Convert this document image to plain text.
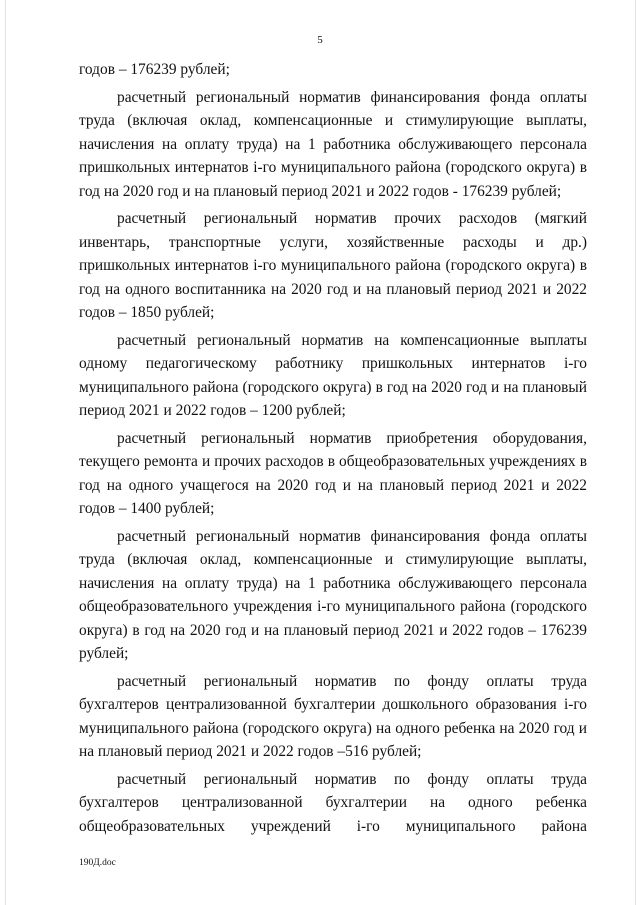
5

годов – 176239 рублей;

расчетный региональный норматив финансирования фонда оплаты труда (включая оклад, компенсационные и стимулирующие выплаты, начисления на оплату труда) на 1 работника обслуживающего персонала пришкольных интернатов i-го муниципального района (городского округа) в год на 2020 год и на плановый период 2021 и 2022 годов - 176239 рублей;

расчетный региональный норматив прочих расходов (мягкий инвентарь, транспортные услуги, хозяйственные расходы и др.) пришкольных интернатов i-го муниципального района (городского округа) в год на одного воспитанника на 2020 год и на плановый период 2021 и 2022 годов – 1850 рублей;

расчетный региональный норматив на компенсационные выплаты одному педагогическому работнику пришкольных интернатов i-го муниципального района (городского округа) в год на 2020 год и на плановый период 2021 и 2022 годов – 1200 рублей;

расчетный региональный норматив приобретения оборудования, текущего ремонта и прочих расходов в общеобразовательных учреждениях в год на одного учащегося на 2020 год и на плановый период 2021 и 2022 годов – 1400 рублей;

расчетный региональный норматив финансирования фонда оплаты труда (включая оклад, компенсационные и стимулирующие выплаты, начисления на оплату труда) на 1 работника обслуживающего персонала общеобразовательного учреждения i-го муниципального района (городского округа) в год на 2020 год и на плановый период 2021 и 2022 годов – 176239 рублей;

расчетный региональный норматив по фонду оплаты труда бухгалтеров централизованной бухгалтерии дошкольного образования i-го муниципального района (городского округа) на одного ребенка на 2020 год и на плановый период 2021 и 2022 годов –516 рублей;

расчетный региональный норматив по фонду оплаты труда бухгалтеров централизованной бухгалтерии на одного ребенка общеобразовательных учреждений i-го муниципального района

190Д.doc
